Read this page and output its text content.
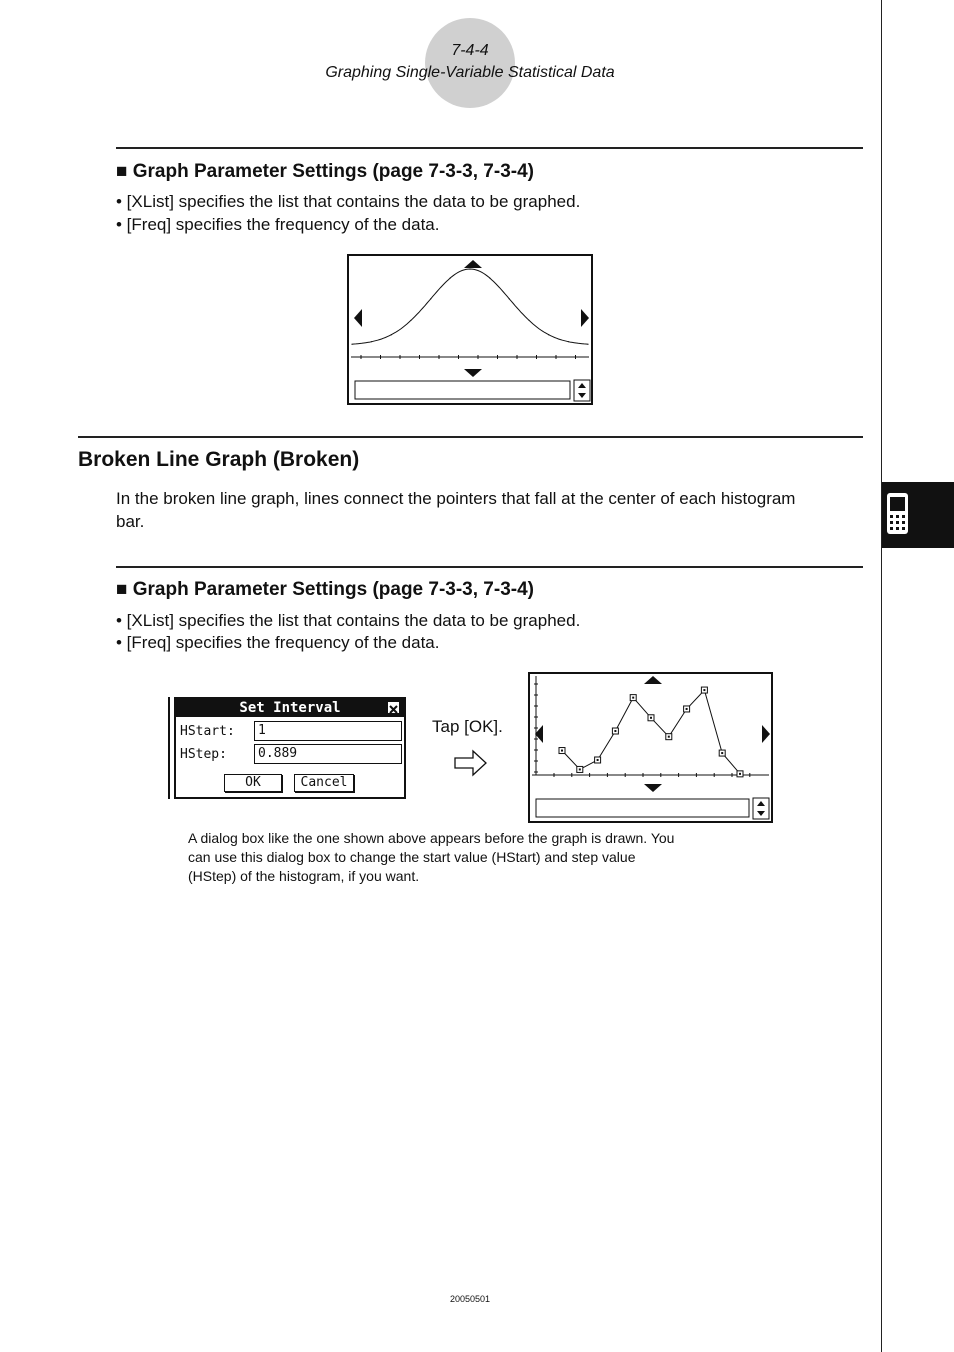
7-4-4
Graphing Single-Variable Statistical Data
■ Graph Parameter Settings (page 7-3-3, 7-3-4)
• [XList] specifies the list that contains the data to be graphed.
• [Freq] specifies the frequency of the data.
Broken Line Graph (Broken)
In the broken line graph, lines connect the pointers that fall at the center of each histogram
bar.
■ Graph Parameter Settings (page 7-3-3, 7-3-4)
• [XList] specifies the list that contains the data to be graphed.
• [Freq] specifies the frequency of the data.
Set Interval
HStart:	1
HStep:	0.889
OK	Cancel
Tap [OK].
A dialog box like the one shown above appears before the graph is drawn. You
can use this dialog box to change the start value (HStart) and step value
(HStep) of the histogram, if you want.
20050501
